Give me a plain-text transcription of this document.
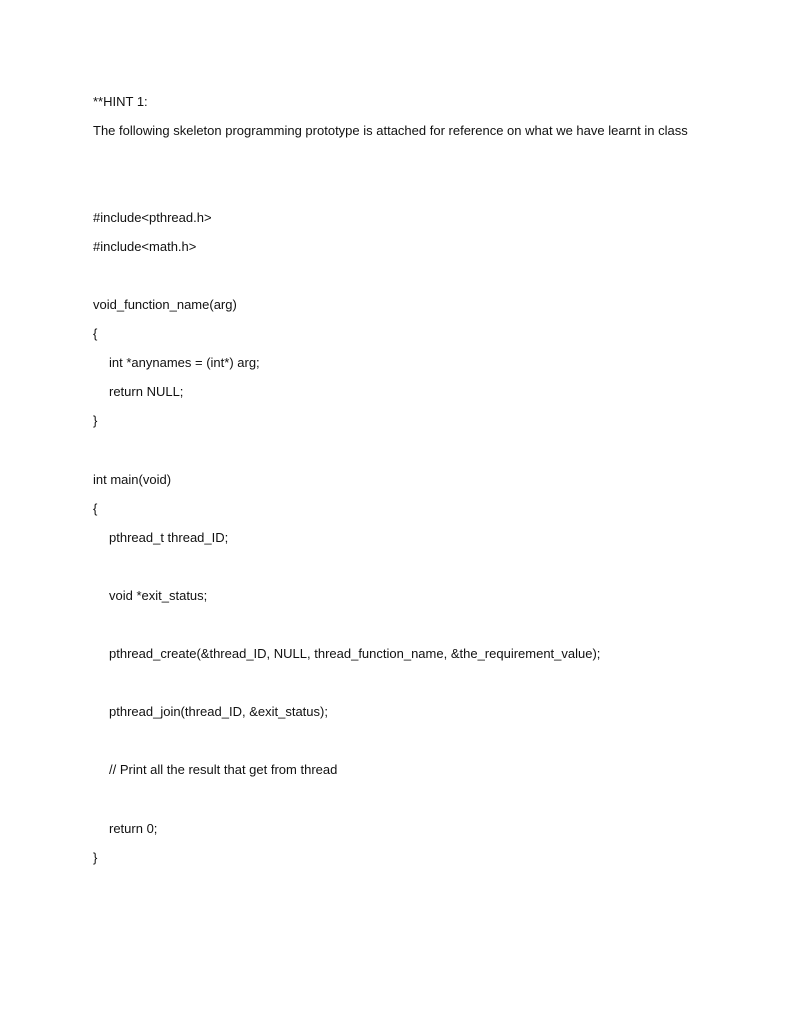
**HINT 1:
The following skeleton programming prototype is attached for reference on what we have learnt in class
#include<pthread.h>
#include<math.h>
void_function_name(arg)
{
int *anynames = (int*) arg;
return NULL;
}
int main(void)
{
pthread_t thread_ID;
void *exit_status;
pthread_create(&thread_ID, NULL, thread_function_name, &the_requirement_value);
pthread_join(thread_ID, &exit_status);
// Print all the result that get from thread
return 0;
}
